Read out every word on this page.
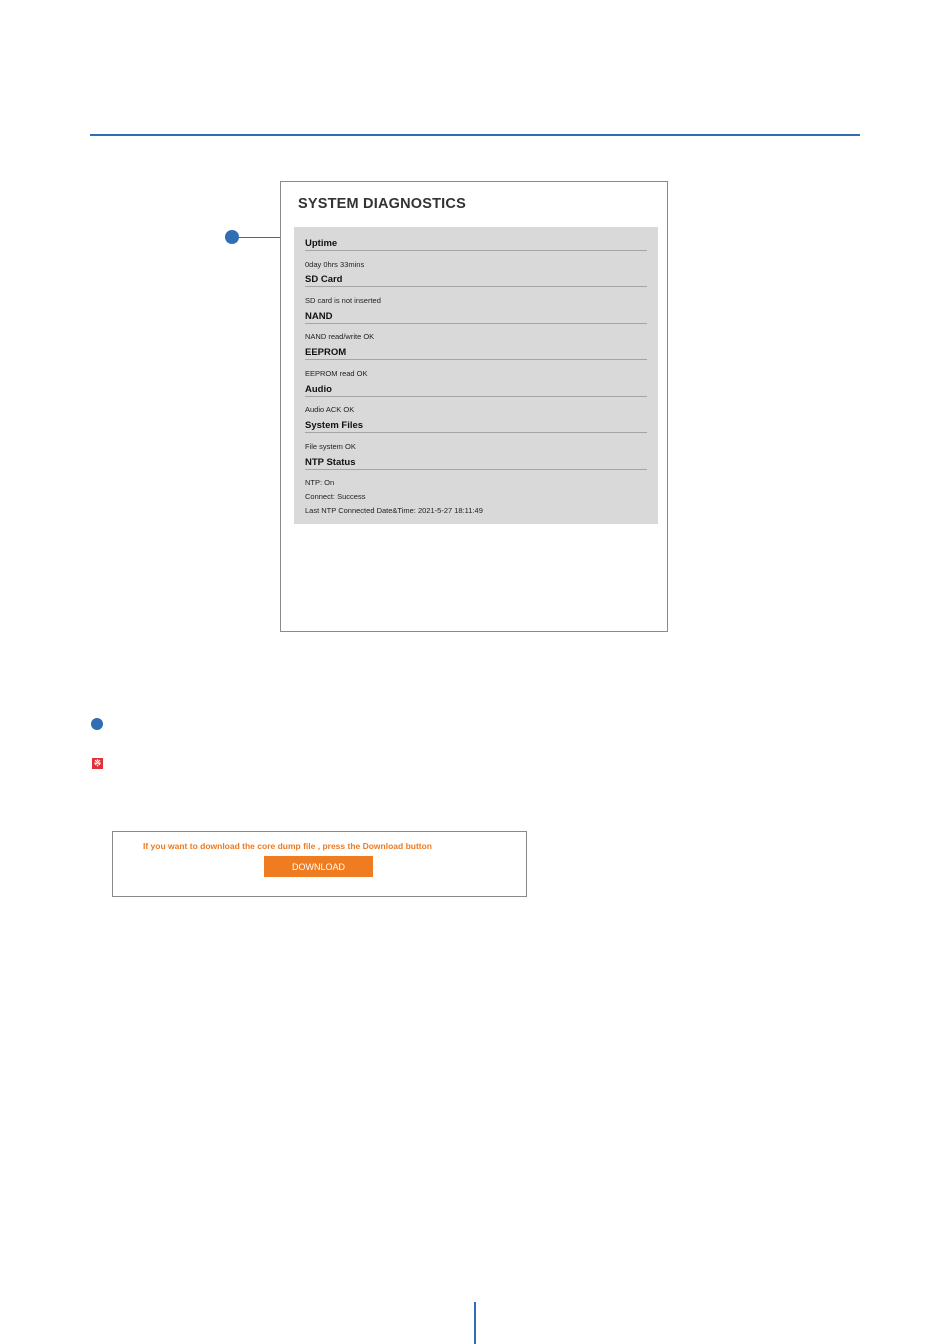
SYSTEM DIAGNOSTICS
Uptime
0day 0hrs 33mins
SD Card
SD card is not inserted
NAND
NAND read/write OK
EEPROM
EEPROM read OK
Audio
Audio ACK OK
System Files
File system OK
NTP Status
NTP: On
Connect: Success
Last NTP Connected Date&Time: 2021-5-27 18:11:49
※
If you want to download the core dump file , press the Download button
DOWNLOAD
